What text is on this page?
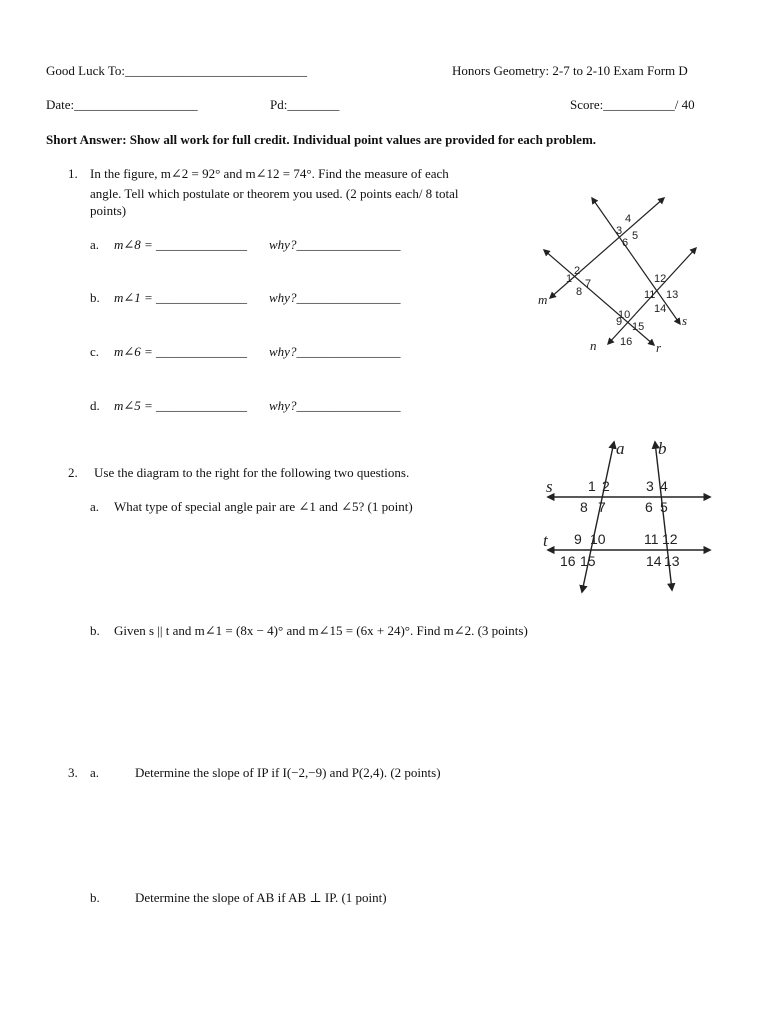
Good Luck To:____________________________	Honors Geometry: 2-7 to 2-10 Exam Form D
Date:___________________	Pd:________	Score:___________/ 40
Short Answer: Show all work for full credit. Individual point values are provided for each problem.
1. In the figure, m∠2 = 92° and m∠12 = 74°. Find the measure of each
angle. Tell which postulate or theorem you used. (2 points each/ 8 total
points)
a. m∠8 = ______________ why?________________
b. m∠1 = ______________ why?________________
c. m∠6 = ______________ why?________________
d. m∠5 = ______________ why?________________
1
2
3
4
5
6
7
8
9
10
11
12
13
14
15
16
m
n	r
s
2. Use the diagram to the right for the following two questions.
a. What type of special angle pair are ∠1 and ∠5? (1 point)
b. Given s || t and m∠1 = (8x − 4)° and m∠15 = (6x + 24)°. Find m∠2. (3 points)
a b
s
t
1 2	3 4
8 7	6 5
9 10	11 12
16 15	14 13
3. a.	Determine the slope of IP if I(−2,−9) and P(2,4). (2 points)
b.	Determine the slope of AB if AB ⊥ IP. (1 point)
